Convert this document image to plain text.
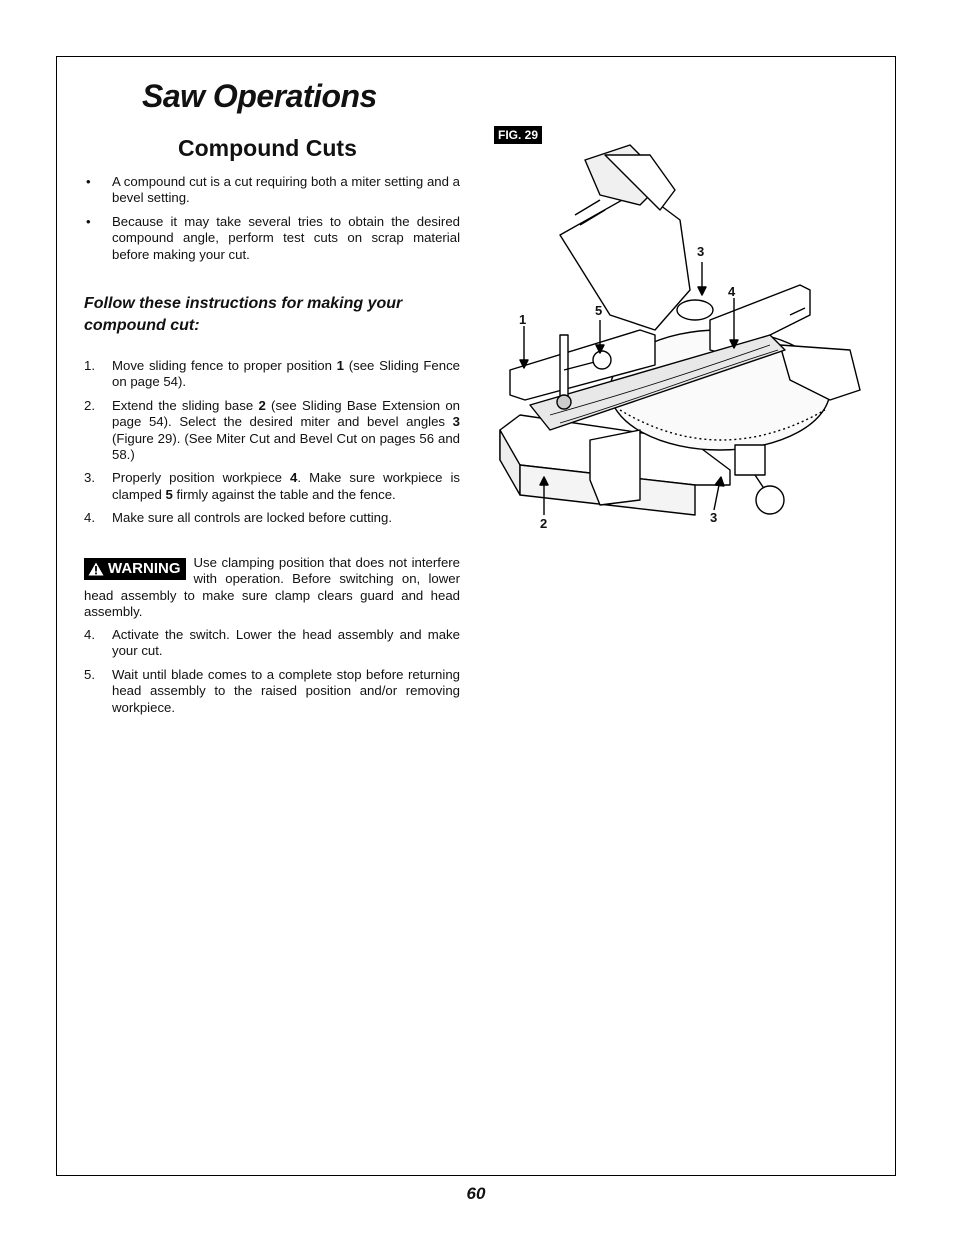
Saw Operations
Compound Cuts
• A compound cut is a cut requiring both a miter setting and a bevel setting.
• Because it may take several tries to obtain the desired compound angle, perform test cuts on scrap material before making your cut.

Follow these instructions for making your compound cut:

1. Move sliding fence to proper position 1 (see Sliding Fence on page 54).
2. Extend the sliding base 2 (see Sliding Base Extension on page 54). Select the desired miter and bevel angles 3 (Figure 29). (See Miter Cut and Bevel Cut on pages 56 and 58.)
3. Properly position workpiece 4. Make sure workpiece is clamped 5 firmly against the table and the fence.
4. Make sure all controls are locked before cutting.
WARNING Use clamping position that does not interfere with operation. Before switching on, lower head assembly to make sure clamp clears guard and head assembly.
4. Activate the switch. Lower the head assembly and make your cut.
5. Wait until blade comes to a complete stop before returning head assembly to the raised position and/or removing workpiece.
FIG. 29
1
5
3
4
2	3
60
